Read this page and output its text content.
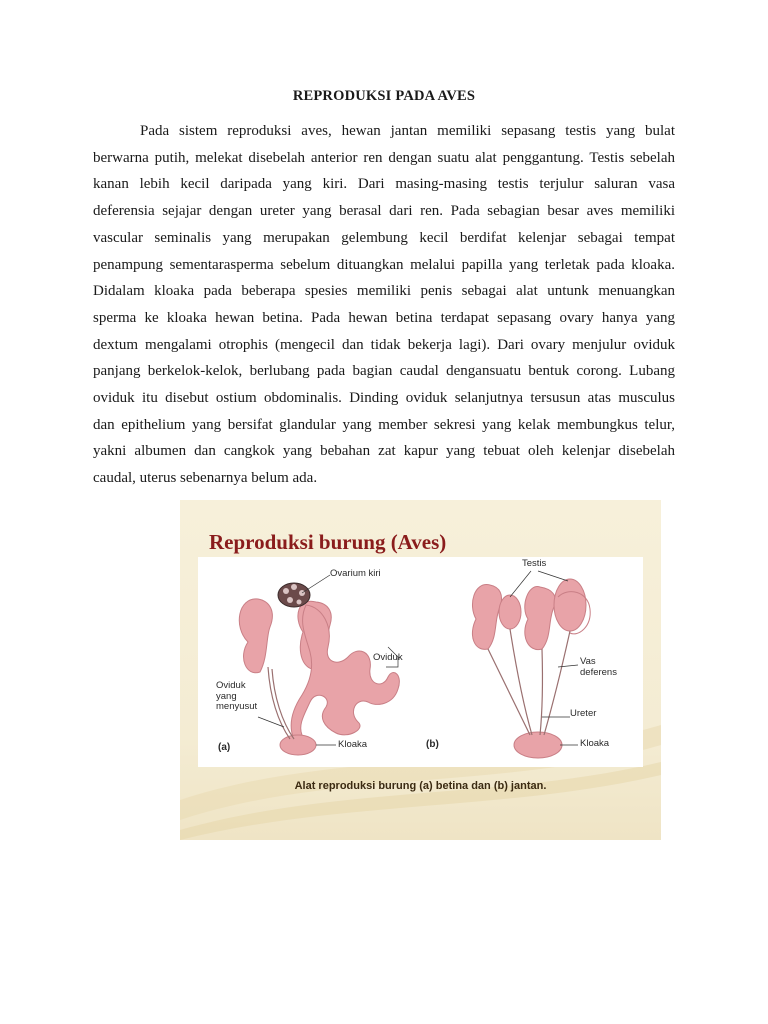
REPRODUKSI PADA AVES

Pada sistem reproduksi aves, hewan jantan memiliki sepasang testis yang bulat
berwarna putih, melekat disebelah anterior ren dengan suatu alat penggantung. Testis sebelah
kanan lebih kecil daripada yang kiri. Dari masing-masing testis terjulur saluran vasa
deferensia sejajar dengan ureter yang berasal dari ren. Pada sebagian besar aves memiliki
vascular seminalis yang merupakan gelembung kecil berdifat kelenjar sebagai tempat
penampung sementarasperma sebelum dituangkan melalui papilla yang terletak pada kloaka.
Didalam kloaka pada beberapa spesies memiliki penis sebagai alat untunk menuangkan
sperma ke kloaka hewan betina. Pada hewan betina terdapat sepasang ovary hanya yang
dextum mengalami otrophis (mengecil dan tidak bekerja lagi). Dari ovary menjulur oviduk
panjang berkelok-kelok, berlubang pada bagian caudal dengansuatu bentuk corong. Lubang
oviduk itu disebut ostium obdominalis. Dinding oviduk selanjutnya tersusun atas musculus
dan epithelium yang bersifat glandular yang member sekresi yang kelak membungkus telur,
yakni albumen dan cangkok yang bebahan zat kapur yang tebuat oleh kelenjar disebelah
caudal, uterus sebenarnya belum ada.

Reproduksi burung (Aves)
Ovarium kiri
Oviduk
Oviduk yang menyusut
Kloaka
(a)
Testis
Vas deferens
Ureter
Kloaka
(b)
Alat reproduksi burung (a) betina dan (b) jantan.
